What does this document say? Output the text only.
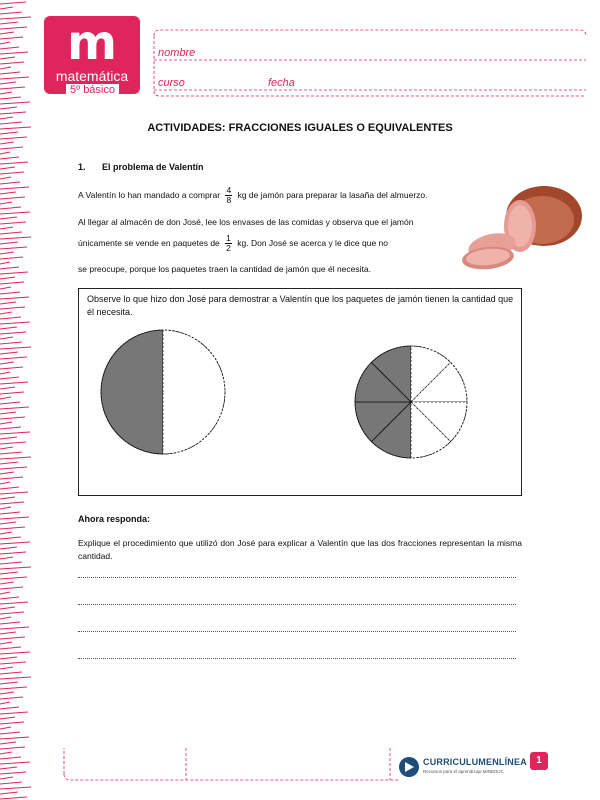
m
matemática
5º básico
nombre
curso	fecha
ACTIVIDADES: FRACCIONES IGUALES O EQUIVALENTES
1. El problema de Valentín
A Valentín lo han mandado a comprar $\frac{4}{8}$ kg de jamón para preparar la lasaña del almuerzo.
Al llegar al almacén de don José, lee los envases de las comidas y observa que el jamón
únicamente se vende en paquetes de $\frac{1}{2}$ kg. Don José se acerca y le dice que no
se preocupe, porque los paquetes traen la cantidad de jamón que él necesita.
Observe lo que hizo don José para demostrar a Valentín que los paquetes de jamón tienen la cantidad que él necesita.
Ahora responda:
Explique el procedimiento que utilizó don José para explicar a Valentín que las dos fracciones representan la misma cantidad.
CURRICULUMENLÍNEA
Recursos para el aprendizaje MINEDUC
1
